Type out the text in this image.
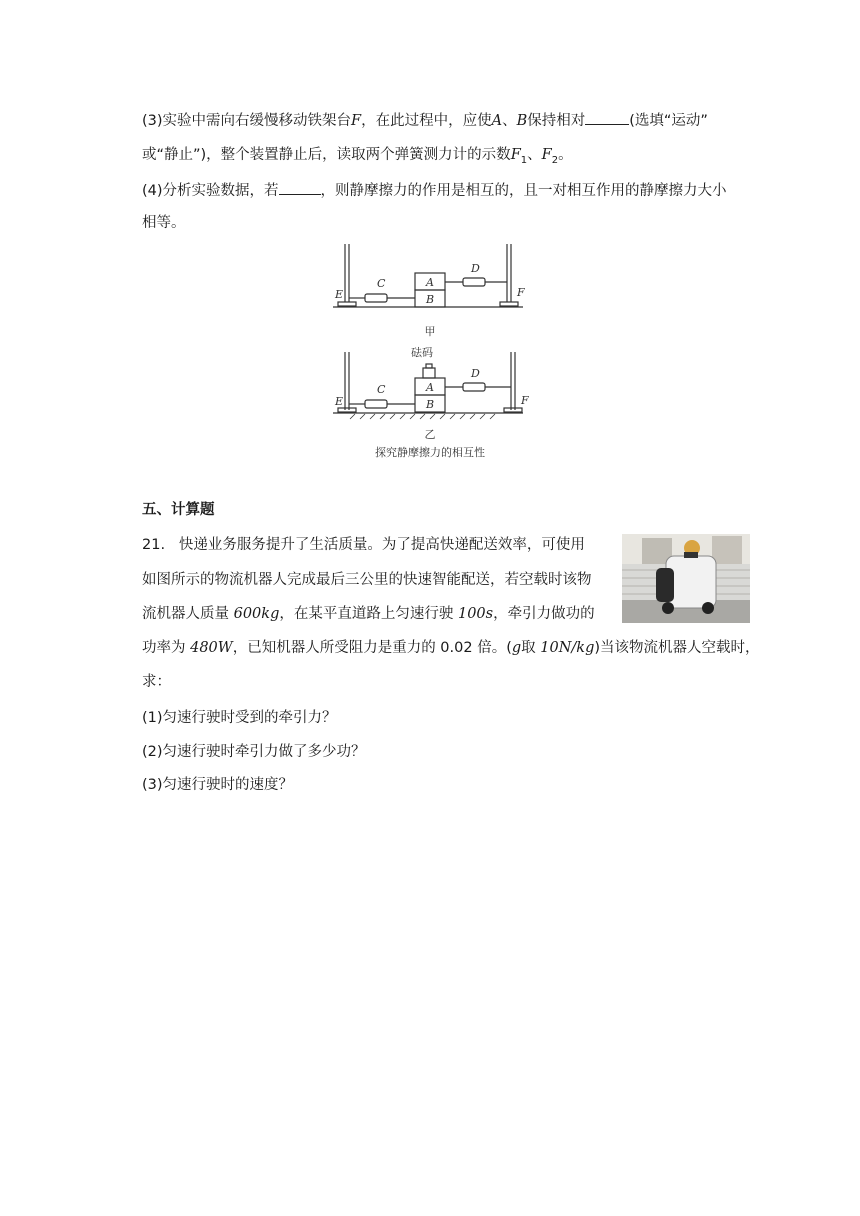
(3)实验中需向右缓慢移动铁架台F，在此过程中，应使A、B保持相对	(选填“运动”
或“静止”)，整个装置静止后，读取两个弹簧测力计的示数$F_1$、$F_2$。
(4)分析实验数据，若	，则静摩擦力的作用是相互的，且一对相互作用的静摩擦力大小
相等。
E	F
C
D
A
B
E	F
C
D
A
B
甲
砝码
乙
探究静摩擦力的相互性
五、计算题
21. 快递业务服务提升了生活质量。为了提高快递配送效率，可使用
如图所示的物流机器人完成最后三公里的快速智能配送，若空载时该物
流机器人质量 600kg，在某平直道路上匀速行驶 100s，牵引力做功的
功率为 480W，已知机器人所受阻力是重力的 0.02 倍。(g取 10N/kg)当该物流机器人空载时，
求：
(1)匀速行驶时受到的牵引力？
(2)匀速行驶时牵引力做了多少功？
(3)匀速行驶时的速度？
